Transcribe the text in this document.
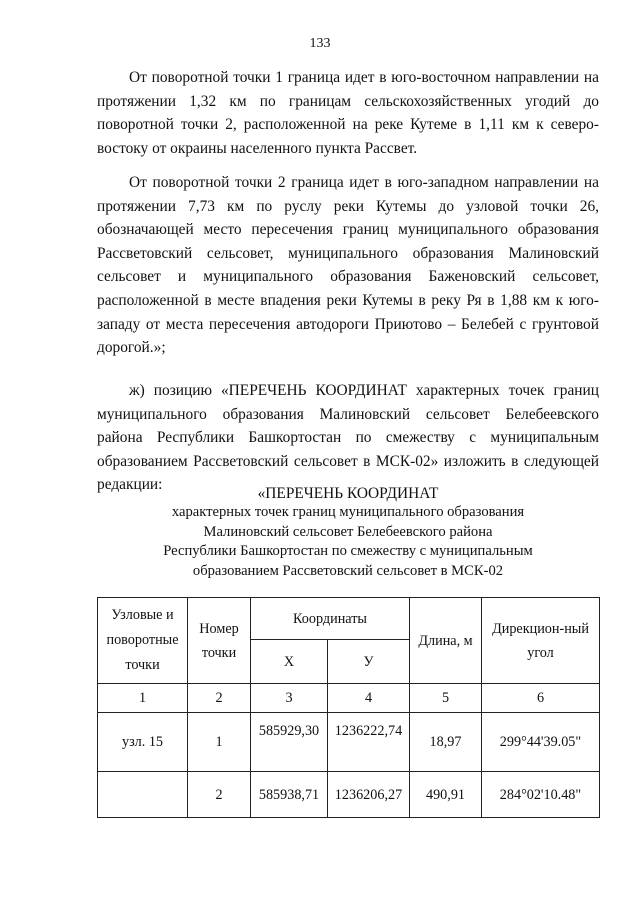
133

От поворотной точки 1 граница идет в юго-восточном направлении на протяжении 1,32 км по границам сельскохозяйственных угодий до поворотной точки 2, расположенной на реке Кутеме в 1,11 км к северо-востоку от окраины населенного пункта Рассвет.

От поворотной точки 2 граница идет в юго-западном направлении на протяжении 7,73 км по руслу реки Кутемы до узловой точки 26, обозначающей место пересечения границ муниципального образования Рассветовский сельсовет, муниципального образования Малиновский сельсовет и муниципального образования Баженовский сельсовет, расположенной в месте впадения реки Кутемы в реку Ря в 1,88 км к юго-западу от места пересечения автодороги Приютово – Белебей с грунтовой дорогой.»;

ж) позицию «ПЕРЕЧЕНЬ КООРДИНАТ характерных точек границ муниципального образования Малиновский сельсовет Белебеевского района Республики Башкортостан по смежеству с муниципальным образованием Рассветовский сельсовет в МСК-02» изложить в следующей редакции:

«ПЕРЕЧЕНЬ КООРДИНАТ
характерных точек границ муниципального образования
Малиновский сельсовет Белебеевского района
Республики Башкортостан по смежеству с муниципальным
образованием Рассветовский сельсовет в МСК-02
Узловые и поворотные точки	Номер точки	Координаты		Длина, м	Дирекцион-ный угол
		Х	У		
1	2	3	4	5	6
узл. 15	1	585929,30	1236222,74	18,97	299°44'39.05"
	2	585938,71	1236206,27	490,91	284°02'10.48"
